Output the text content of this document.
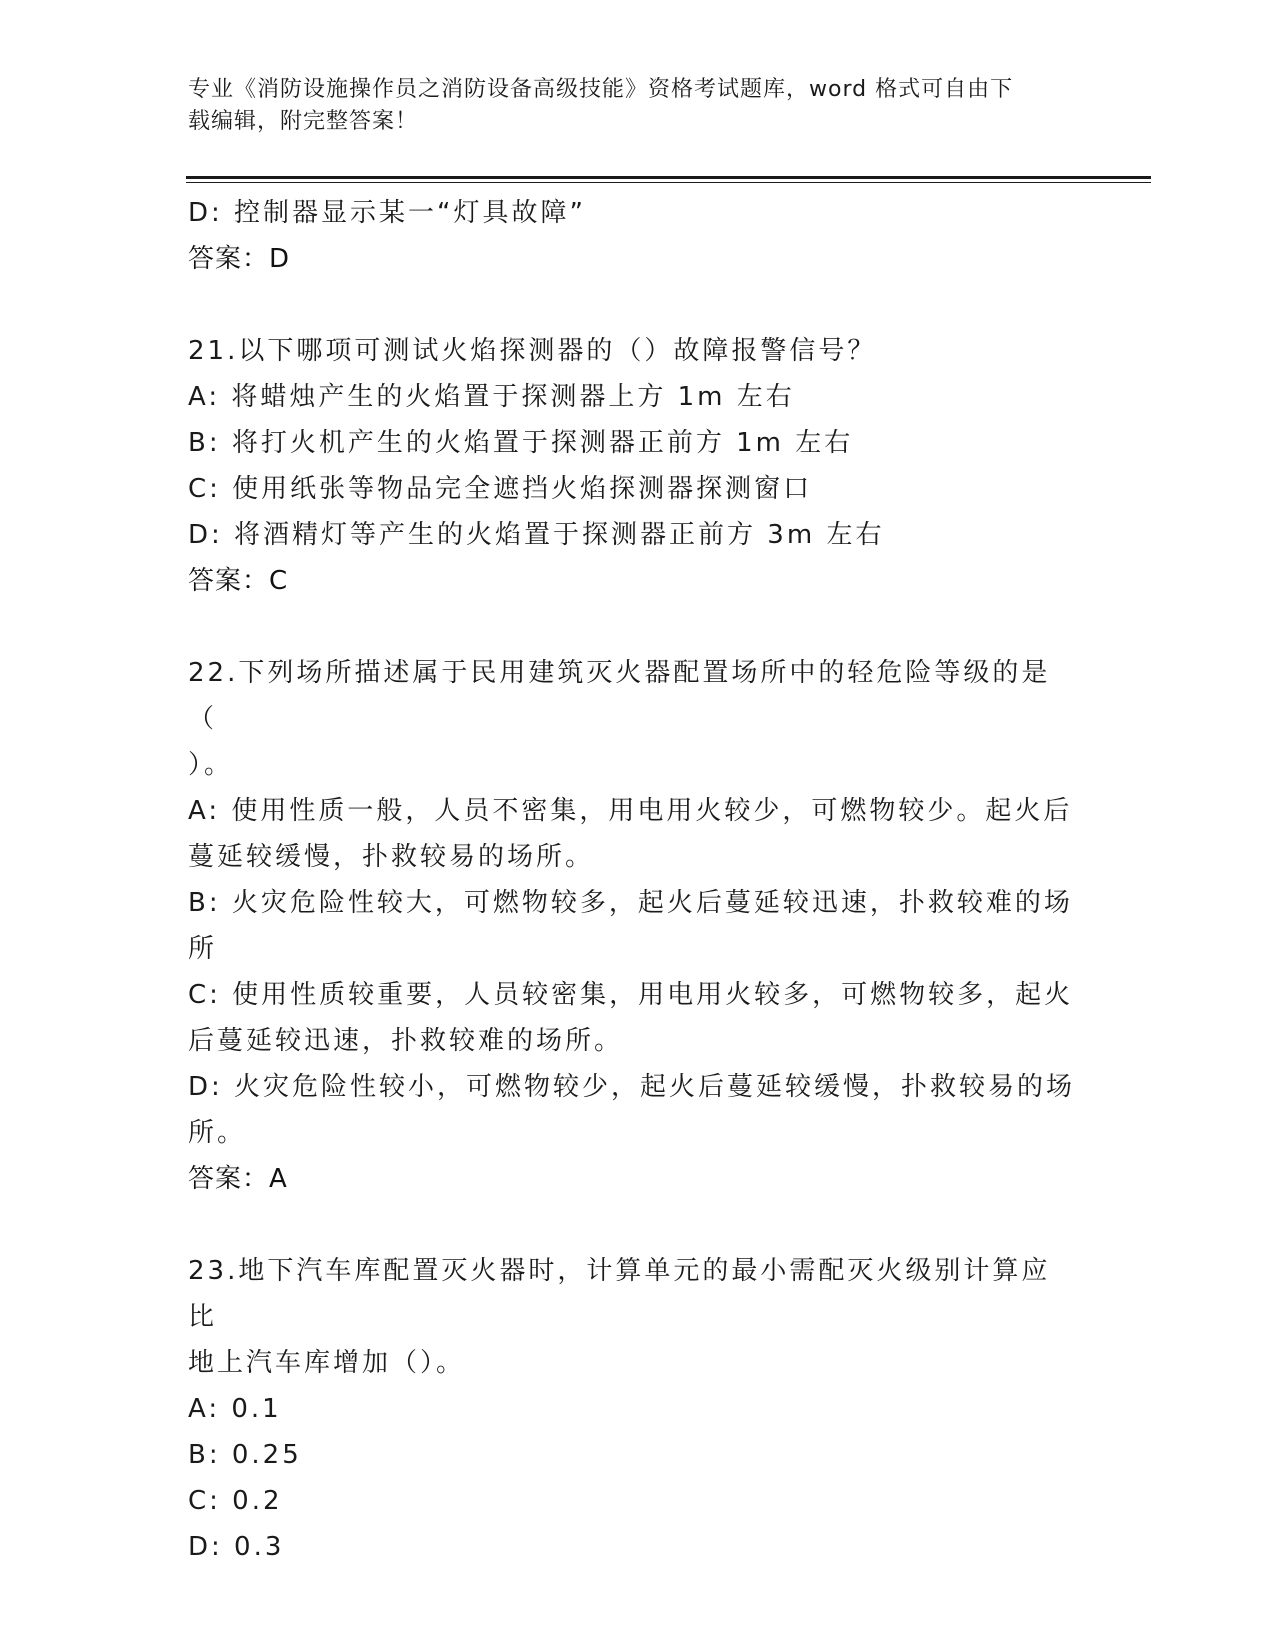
专业《消防设施操作员之消防设备高级技能》资格考试题库，word 格式可自由下
载编辑，附完整答案！
D: 控制器显示某一“灯具故障”
答案：D
21.以下哪项可测试火焰探测器的（）故障报警信号？
A: 将蜡烛产生的火焰置于探测器上方 1m 左右
B: 将打火机产生的火焰置于探测器正前方 1m 左右
C: 使用纸张等物品完全遮挡火焰探测器探测窗口
D: 将酒精灯等产生的火焰置于探测器正前方 3m 左右
答案：C
22.下列场所描述属于民用建筑灭火器配置场所中的轻危险等级的是（
）。
A: 使用性质一般，人员不密集，用电用火较少，可燃物较少。起火后
蔓延较缓慢，扑救较易的场所。
B: 火灾危险性较大，可燃物较多，起火后蔓延较迅速，扑救较难的场
所
C: 使用性质较重要，人员较密集，用电用火较多，可燃物较多，起火
后蔓延较迅速，扑救较难的场所。
D: 火灾危险性较小，可燃物较少，起火后蔓延较缓慢，扑救较易的场
所。
答案：A
23.地下汽车库配置灭火器时，计算单元的最小需配灭火级别计算应比
地上汽车库增加（）。
A: 0.1
B: 0.25
C: 0.2
D: 0.3
